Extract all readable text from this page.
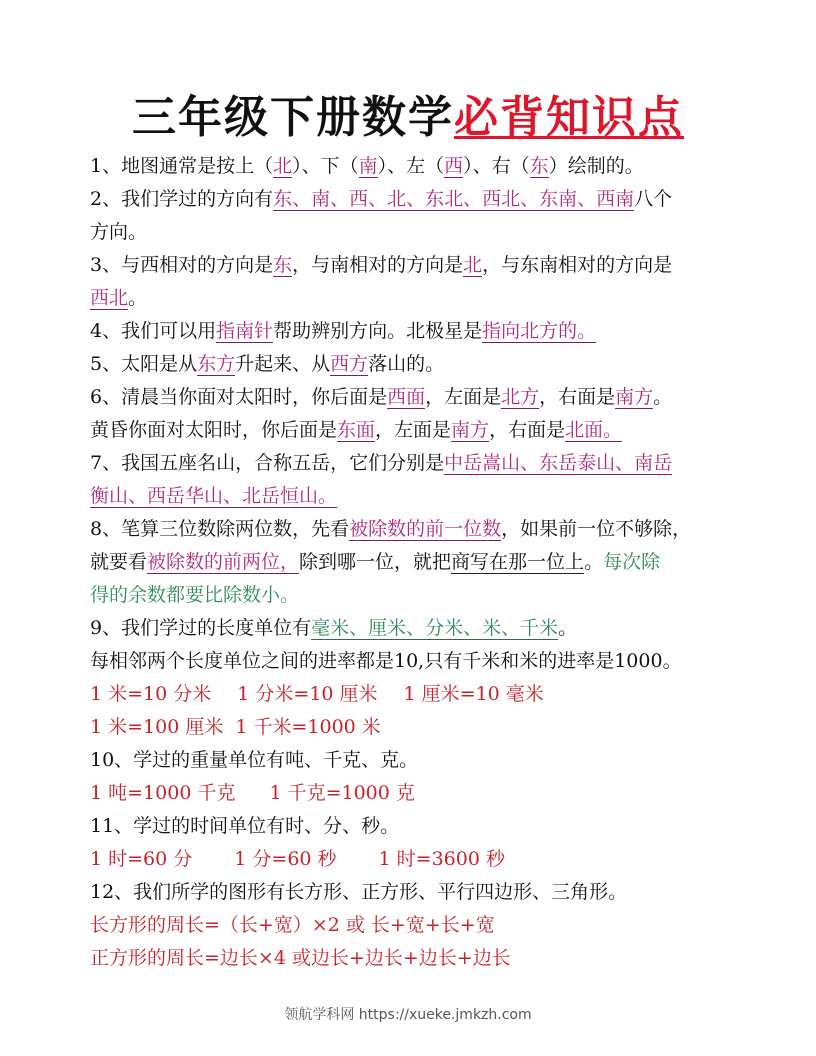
三年级下册数学必背知识点
1、地图通常是按上（北）、下（南）、左（西）、右（东）绘制的。
2、我们学过的方向有东、南、西、北、东北、西北、东南、西南八个
方向。
3、与西相对的方向是东，与南相对的方向是北，与东南相对的方向是
西北。
4、我们可以用指南针帮助辨别方向。北极星是指向北方的。
5、太阳是从东方升起来、从西方落山的。
6、清晨当你面对太阳时，你后面是西面，左面是北方，右面是南方。
黄昏你面对太阳时，你后面是东面，左面是南方，右面是北面。
7、我国五座名山，合称五岳，它们分别是中岳嵩山、东岳泰山、南岳
衡山、西岳华山、北岳恒山。
8、笔算三位数除两位数，先看被除数的前一位数，如果前一位不够除，
就要看被除数的前两位，除到哪一位，就把商写在那一位上。每次除
得的余数都要比除数小。
9、我们学过的长度单位有毫米、厘米、分米、米、千米。
每相邻两个长度单位之间的进率都是10,只有千米和米的进率是1000。
1 米=10 分米 1 分米=10 厘米 1 厘米=10 毫米
1 米=100 厘米 1 千米=1000 米
10、学过的重量单位有吨、千克、克。
1 吨=1000 千克 1 千克=1000 克
11、学过的时间单位有时、分、秒。
1 时=60 分 1 分=60 秒 1 时=3600 秒
12、我们所学的图形有长方形、正方形、平行四边形、三角形。
长方形的周长=（长+宽）×2 或 长+宽+长+宽
正方形的周长=边长×4 或边长+边长+边长+边长
领航学科网 https://xueke.jmkzh.com
